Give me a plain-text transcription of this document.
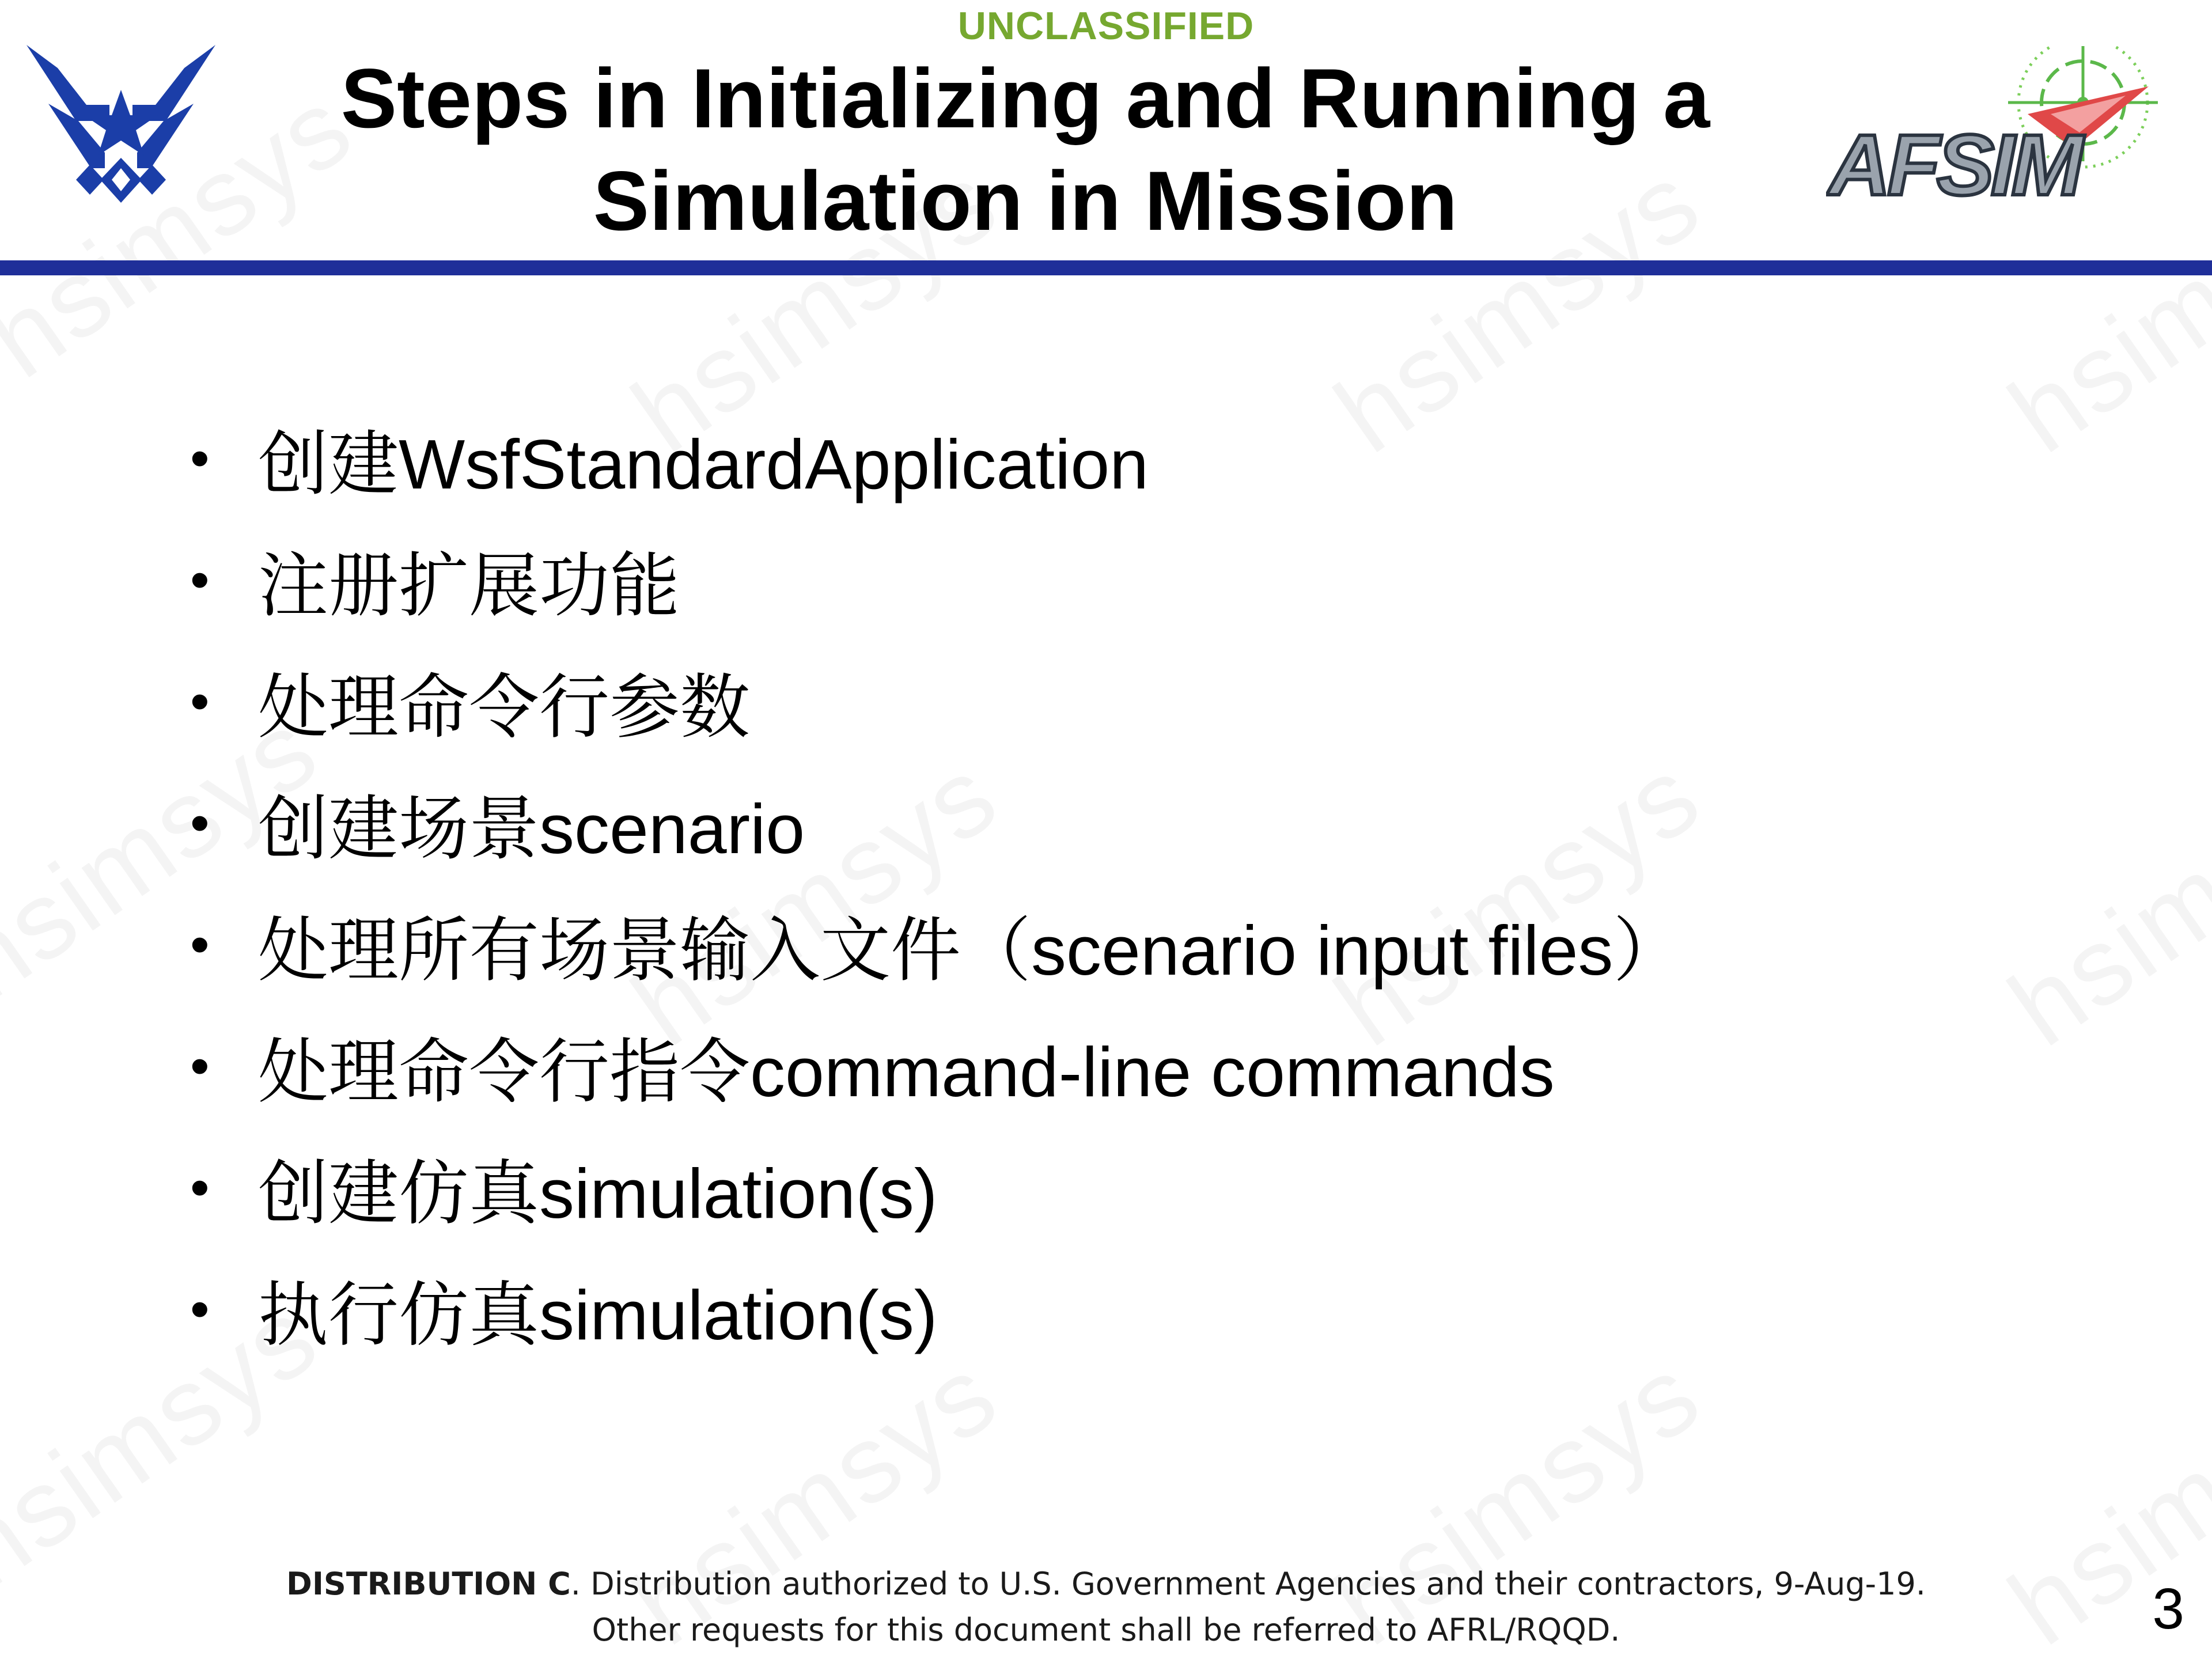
UNCLASSIFIED
Steps in Initializing and Running a
Simulation in Mission	AFSIM
• 创建WsfStandardApplication
• 注册扩展功能
• 处理命令行参数
• 创建场景scenario
• 处理所有场景输入文件（scenario input files）
• 处理命令行指令command-line commands
• 创建仿真simulation(s)
• 执行仿真simulation(s)
DISTRIBUTION C. Distribution authorized to U.S. Government Agencies and their contractors, 9-Aug-19.
Other requests for this document shall be referred to AFRL/RQQD.	3
